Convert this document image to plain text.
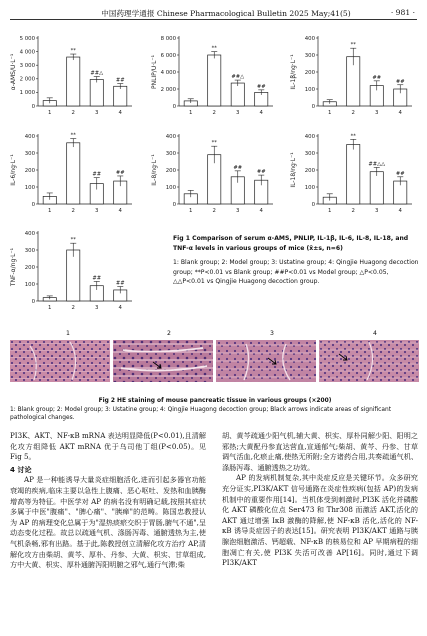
中国药理学通报 Chinese Pharmacological Bulletin 2025 May;41(5)	· 981 ·
0
1 000
2 000
3 000
4 000
5 000
α-AMS/U·L⁻¹
1
**
2
##△
3
##
4
0
2 000
4 000
6 000
8 000
PNLIP/U·L⁻¹
1
**
2
##△
3
##
4
0
100
200
300
400
IL-1β/ng·L⁻¹
1
**
2
##
3
##
4
0
100
200
300
400
IL-6/ng·L⁻¹
1
**
2
##
3
##
4
0
100
200
300
400
IL-8/ng·L⁻¹
1
**
2
##
3
##
4
0
100
200
300
400
IL-18/ng·L⁻¹
1
**
2
##△△
3
##
4
0
100
200
300
400
TNF-α/ng·L⁻¹
1
**
2
##
3
##
4
Fig 1 Comparison of serum α-AMS, PNLIP, IL-1β, IL-6, IL-8, IL-18, and TNF-α levels in various groups of mice (x̄±s, n=6)
1: Blank group; 2: Model group; 3: Ustatine group; 4: Qingjie Huagong decoction group; **P<0.01 vs Blank group; ##P<0.01 vs Model group; △P<0.05, △△P<0.01 vs Qingjie Huagong decoction group.
1	2	3	4
Fig 2 HE staining of mouse pancreatic tissue in various groups (×200)
1: Blank group; 2: Model group; 3: Ustatine group; 4: Qingjie Huagong decoction group; Black arrows indicate areas of significant pathological changes.

PI3K、AKT、NF-κB mRNA 表达明显降低(P<0.01),且清解化攻方组降低 AKT mRNA 优于乌司他丁组(P<0.05)。见 Fig 5。

4 讨论

AP 是一种能诱导大量炎症细胞活化,进而引起多器官功能衰竭的疾病,临床主要以急性上腹痛、恶心呕吐、发热和血胰酶增高等为特征。中医学对 AP 的病名没有明确记载,按照其症状多属于中医"腹痛"、"脾心痛"、"胰瘅"的范畴。陈国忠教授认为 AP 的病理变化总属于为"湿热痰瘀交织于胃肠,腑气不通",呈动态变化过程。故总以疏通气机、涤肠泻毒、通腑透热为主,使气机条畅,邪有出路。基于此,陈教授创立清解化攻方治疗 AP,清解化攻方由柴胡、黄芩、厚朴、丹参、大黄、枳实、甘草组成,方中大黄、枳实、厚朴通腑泻阳明腑之邪气,通行气滞;柴

胡、黄芩疏通少阳气机,辅大黄、枳实、厚朴同解少阳、阳明之邪热;大黄配丹参直达营血,宣通郁气;柴胡、黄芩、丹参、甘草调气活血,化瘀止痛,使热无所附;全方诸药合用,共奏疏通气机、涤肠泻毒、通腑透热之功效。

AP 的发病机制复杂,其中炎症反应是关键环节。众多研究充分证实,PI3K/AKT 信号通路在炎症性疾病(包括 AP)的发病机制中的重要作用[14]。当机体受到刺激时,PI3K 活化并磷酸化 AKT 磷酸化位点 Ser473 和 Thr308 而激活 AKT,活化的 AKT 通过增强 IκB 激酶的降解,使 NF-κB 活化,活化的 NF-κB 诱导炎症因子的表达[15]。研究表明 PI3K/AKT 通路与胰腺泡细胞激活、钙超载、NF-κB 的核易位和 AP 早期病程的细胞凋亡有关,使 PI3K 失活可改善 AP[16]。同时,通过下调 PI3K/AKT
